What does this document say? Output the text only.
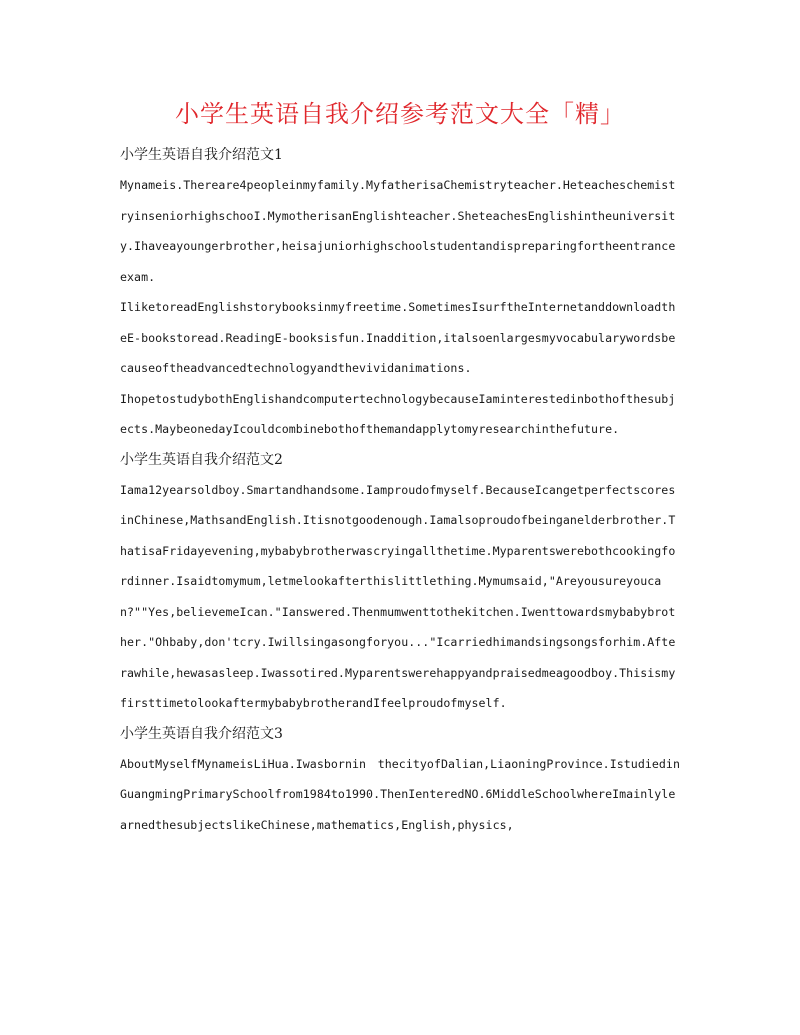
小学生英语自我介绍参考范文大全「精」
小学生英语自我介绍范文1

Mynameis.Thereare4peopleinmyfamily.MyfatherisaChemistryteacher.HeteacheschemistryinseniorhighschooI.MymotherisanEnglishteacher.SheteachesEnglishintheuniversity.Ihaveayoungerbrother,heisajuniorhighschoolstudentandispreparingfortheentranceexam.

IliketoreadEnglishstorybooksinmyfreetime.SometimesIsurftheInternetanddownloadtheE-bookstoread.ReadingE-booksisfun.Inaddition,italsoenlargesmyvocabularywordsbecauseoftheadvancedtechnologyandthevividanimations.

IhopetostudybothEnglishandcomputertechnologybecauseIaminterestedinbothofthesubjects.MaybeonedayIcouldcombinebothofthemandapplytomyresearchinthefuture.

小学生英语自我介绍范文2

Iama12yearsoldboy.Smartandhandsome.Iamproudofmyself.BecauseIcangetperfectscoresinChinese,MathsandEnglish.Itisnotgoodenough.Iamalsoproudofbeinganelderbrother.ThatisaFridayevening,mybabybrotherwascryingallthetime.Myparentswerebothcookingfordinner.Isaidtomymum,letmelookafterthislittlething.Mymumsaid,"Areyousureyoucan?""Yes,believemeIcan."Ianswered.Thenmumwenttothekitchen.Iwenttowardsmybabybrother."Ohbaby,don'tcry.Iwillsingasongforyou..."Icarriedhimandsingsongsforhim.Afterawhile,hewasasleep.Iwassotired.Myparentswerehappyandpraisedmeagoodboy.ThisismyfirsttimetolookaftermybabybrotherandIfeelproudofmyself.

小学生英语自我介绍范文3

AboutMyselfMynameisLiHua.Iwasbornin thecityofDalian,LiaoningProvince.IstudiedinGuangmingPrimarySchoolfrom1984to1990.ThenIenteredNO.6MiddleSchoolwhereImainlylearnedthesubjectslikeChinese,mathematics,English,physics,
